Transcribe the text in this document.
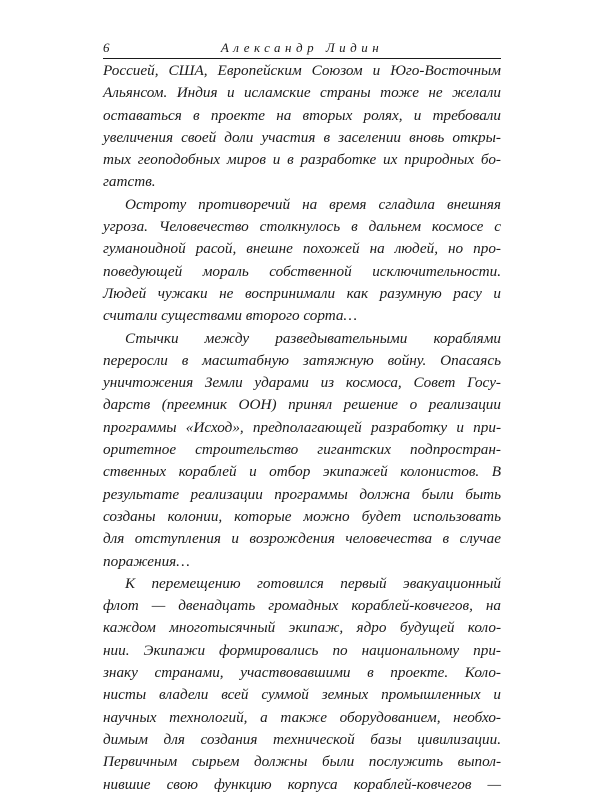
6	Александр Лидин
Россией, США, Европейским Союзом и Юго-Восточным
Альянсом. Индия и исламские страны тоже не желали
оставаться в проекте на вторых ролях, и требовали
увеличения своей доли участия в заселении вновь откры-
тых геоподобных миров и в разработке их природных бо-
гатств.
Остроту противоречий на время сгладила внешняя
угроза. Человечество столкнулось в дальнем космосе с
гуманоидной расой, внешне похожей на людей, но про-
поведующей мораль собственной исключительности.
Людей чужаки не воспринимали как разумную расу и
считали существами второго сорта…
Стычки между разведывательными кораблями
переросли в масштабную затяжную войну. Опасаясь
уничтожения Земли ударами из космоса, Совет Госу-
дарств (преемник ООН) принял решение о реализации
программы «Исход», предполагающей разработку и при-
оритетное строительство гигантских подпростран-
ственных кораблей и отбор экипажей колонистов. В
результате реализации программы должна были быть
созданы колонии, которые можно будет использовать
для отступления и возрождения человечества в случае
поражения…
К перемещению готовился первый эвакуационный
флот — двенадцать громадных кораблей-ковчегов, на
каждом многотысячный экипаж, ядро будущей коло-
нии. Экипажи формировались по национальному при-
знаку странами, участвовавшими в проекте. Коло-
нисты владели всей суммой земных промышленных и
научных технологий, а также оборудованием, необхо-
димым для создания технической базы цивилизации.
Первичным сырьем должны были послужить выпол-
нившие свою функцию корпуса кораблей-ковчегов —
